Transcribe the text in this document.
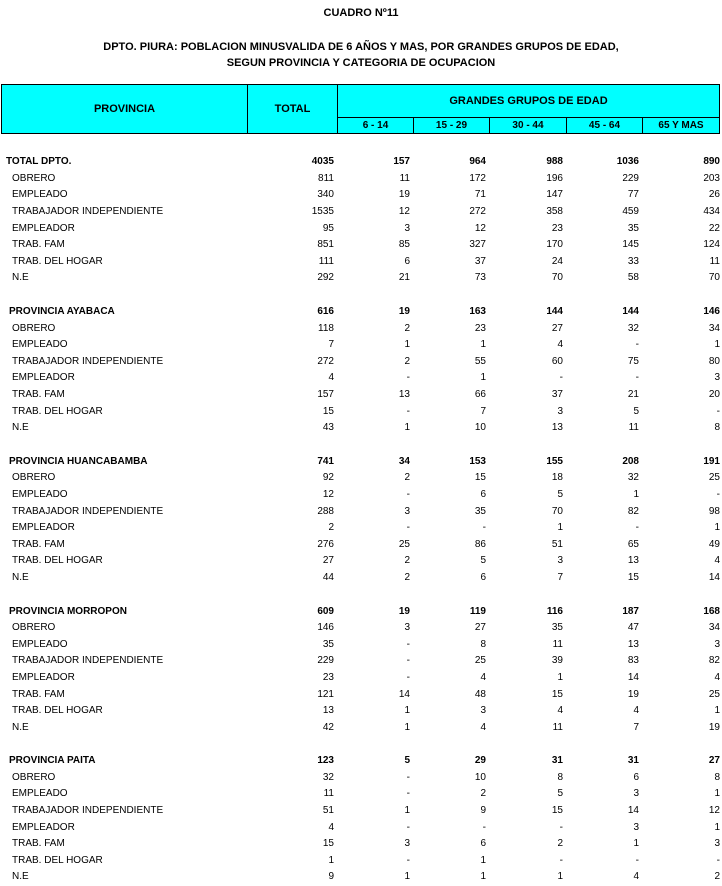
CUADRO Nº11
DPTO. PIURA: POBLACION MINUSVALIDA DE 6 AÑOS Y MAS, POR GRANDES GRUPOS DE EDAD,
SEGUN PROVINCIA Y CATEGORIA DE OCUPACION
PROVINCIA	TOTAL
GRANDES GRUPOS DE EDAD
6 - 14	15 - 29	30 - 44	45 - 64	65 Y MAS
TOTAL DPTO.	4035	157	964	988	1036	890
OBRERO	811	11	172	196	229	203
EMPLEADO	340	19	71	147	77	26
TRABAJADOR INDEPENDIENTE	1535	12	272	358	459	434
EMPLEADOR	95	3	12	23	35	22
TRAB. FAM	851	85	327	170	145	124
TRAB. DEL HOGAR	111	6	37	24	33	11
N.E	292	21	73	70	58	70

PROVINCIA AYABACA	616	19	163	144	144	146
OBRERO	118	2	23	27	32	34
EMPLEADO	7	1	1	4	-	1
TRABAJADOR INDEPENDIENTE	272	2	55	60	75	80
EMPLEADOR	4	-	1	-	-	3
TRAB. FAM	157	13	66	37	21	20
TRAB. DEL HOGAR	15	-	7	3	5	-
N.E	43	1	10	13	11	8

PROVINCIA HUANCABAMBA	741	34	153	155	208	191
OBRERO	92	2	15	18	32	25
EMPLEADO	12	-	6	5	1	-
TRABAJADOR INDEPENDIENTE	288	3	35	70	82	98
EMPLEADOR	2	-	-	1	-	1
TRAB. FAM	276	25	86	51	65	49
TRAB. DEL HOGAR	27	2	5	3	13	4
N.E	44	2	6	7	15	14

PROVINCIA MORROPON	609	19	119	116	187	168
OBRERO	146	3	27	35	47	34
EMPLEADO	35	-	8	11	13	3
TRABAJADOR INDEPENDIENTE	229	-	25	39	83	82
EMPLEADOR	23	-	4	1	14	4
TRAB. FAM	121	14	48	15	19	25
TRAB. DEL HOGAR	13	1	3	4	4	1
N.E	42	1	4	11	7	19

PROVINCIA PAITA	123	5	29	31	31	27
OBRERO	32	-	10	8	6	8
EMPLEADO	11	-	2	5	3	1
TRABAJADOR INDEPENDIENTE	51	1	9	15	14	12
EMPLEADOR	4	-	-	-	3	1
TRAB. FAM	15	3	6	2	1	3
TRAB. DEL HOGAR	1	-	1	-	-	-
N.E	9	1	1	1	4	2
